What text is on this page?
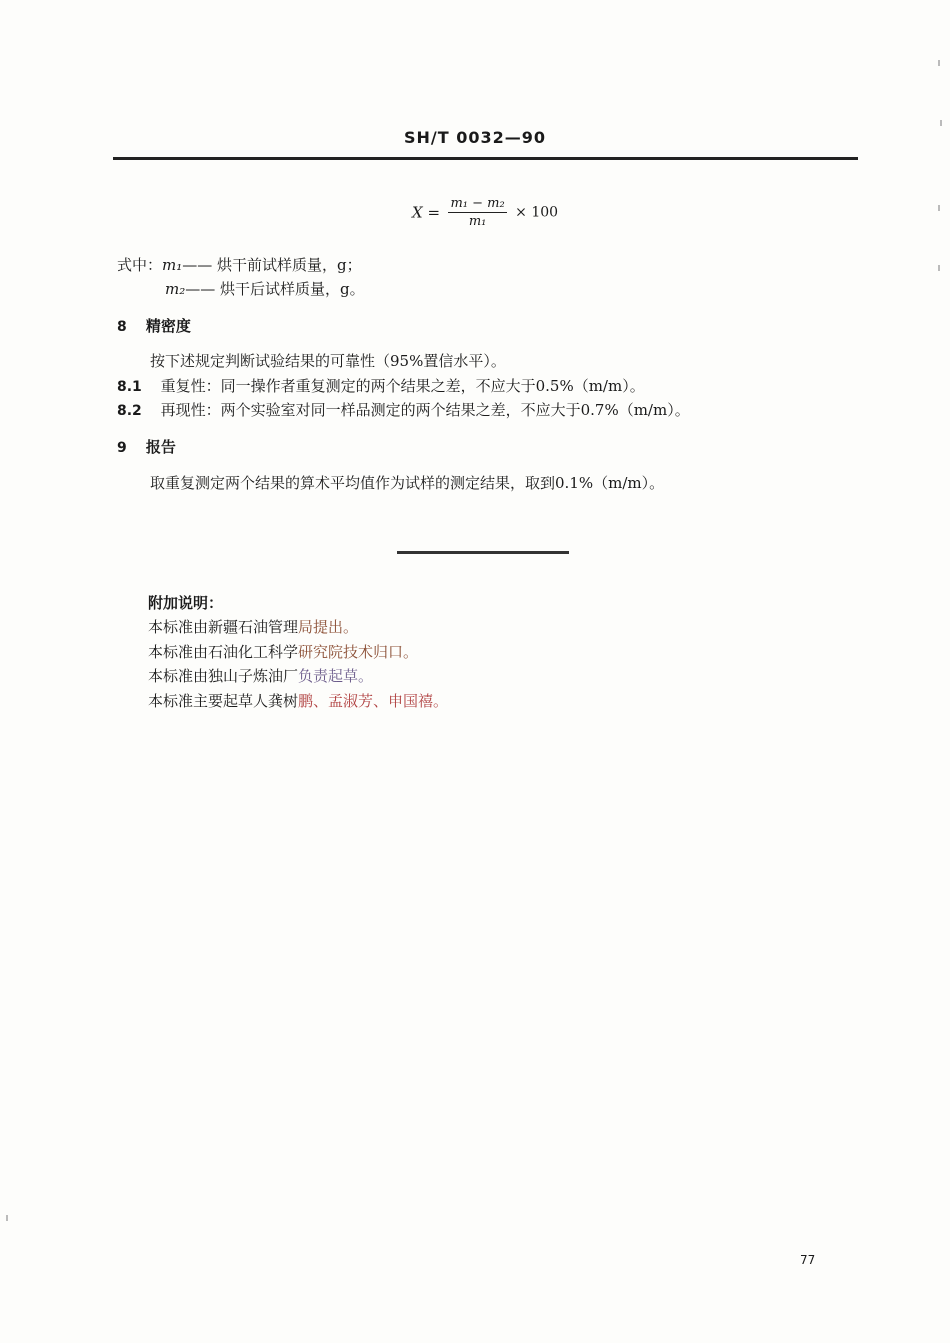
SH/T 0032—90
$X = \frac{\text{m₁ − m₂}}{\text{m₁}} \times 100$
式中：m₁—— 烘干前试样质量，g；
m₂—— 烘干后试样质量，g。
8 精密度
按下述规定判断试验结果的可靠性（95%置信水平）。
8.1 重复性：同一操作者重复测定的两个结果之差，不应大于0.5%（m/m）。
8.2 再现性：两个实验室对同一样品测定的两个结果之差，不应大于0.7%（m/m）。
9 报告
取重复测定两个结果的算术平均值作为试样的测定结果，取到0.1%（m/m）。
附加说明：
本标准由新疆石油管理局提出。
本标准由石油化工科学研究院技术归口。
本标准由独山子炼油厂负责起草。
本标准主要起草人龚树鹏、孟淑芳、申国禧。
77
